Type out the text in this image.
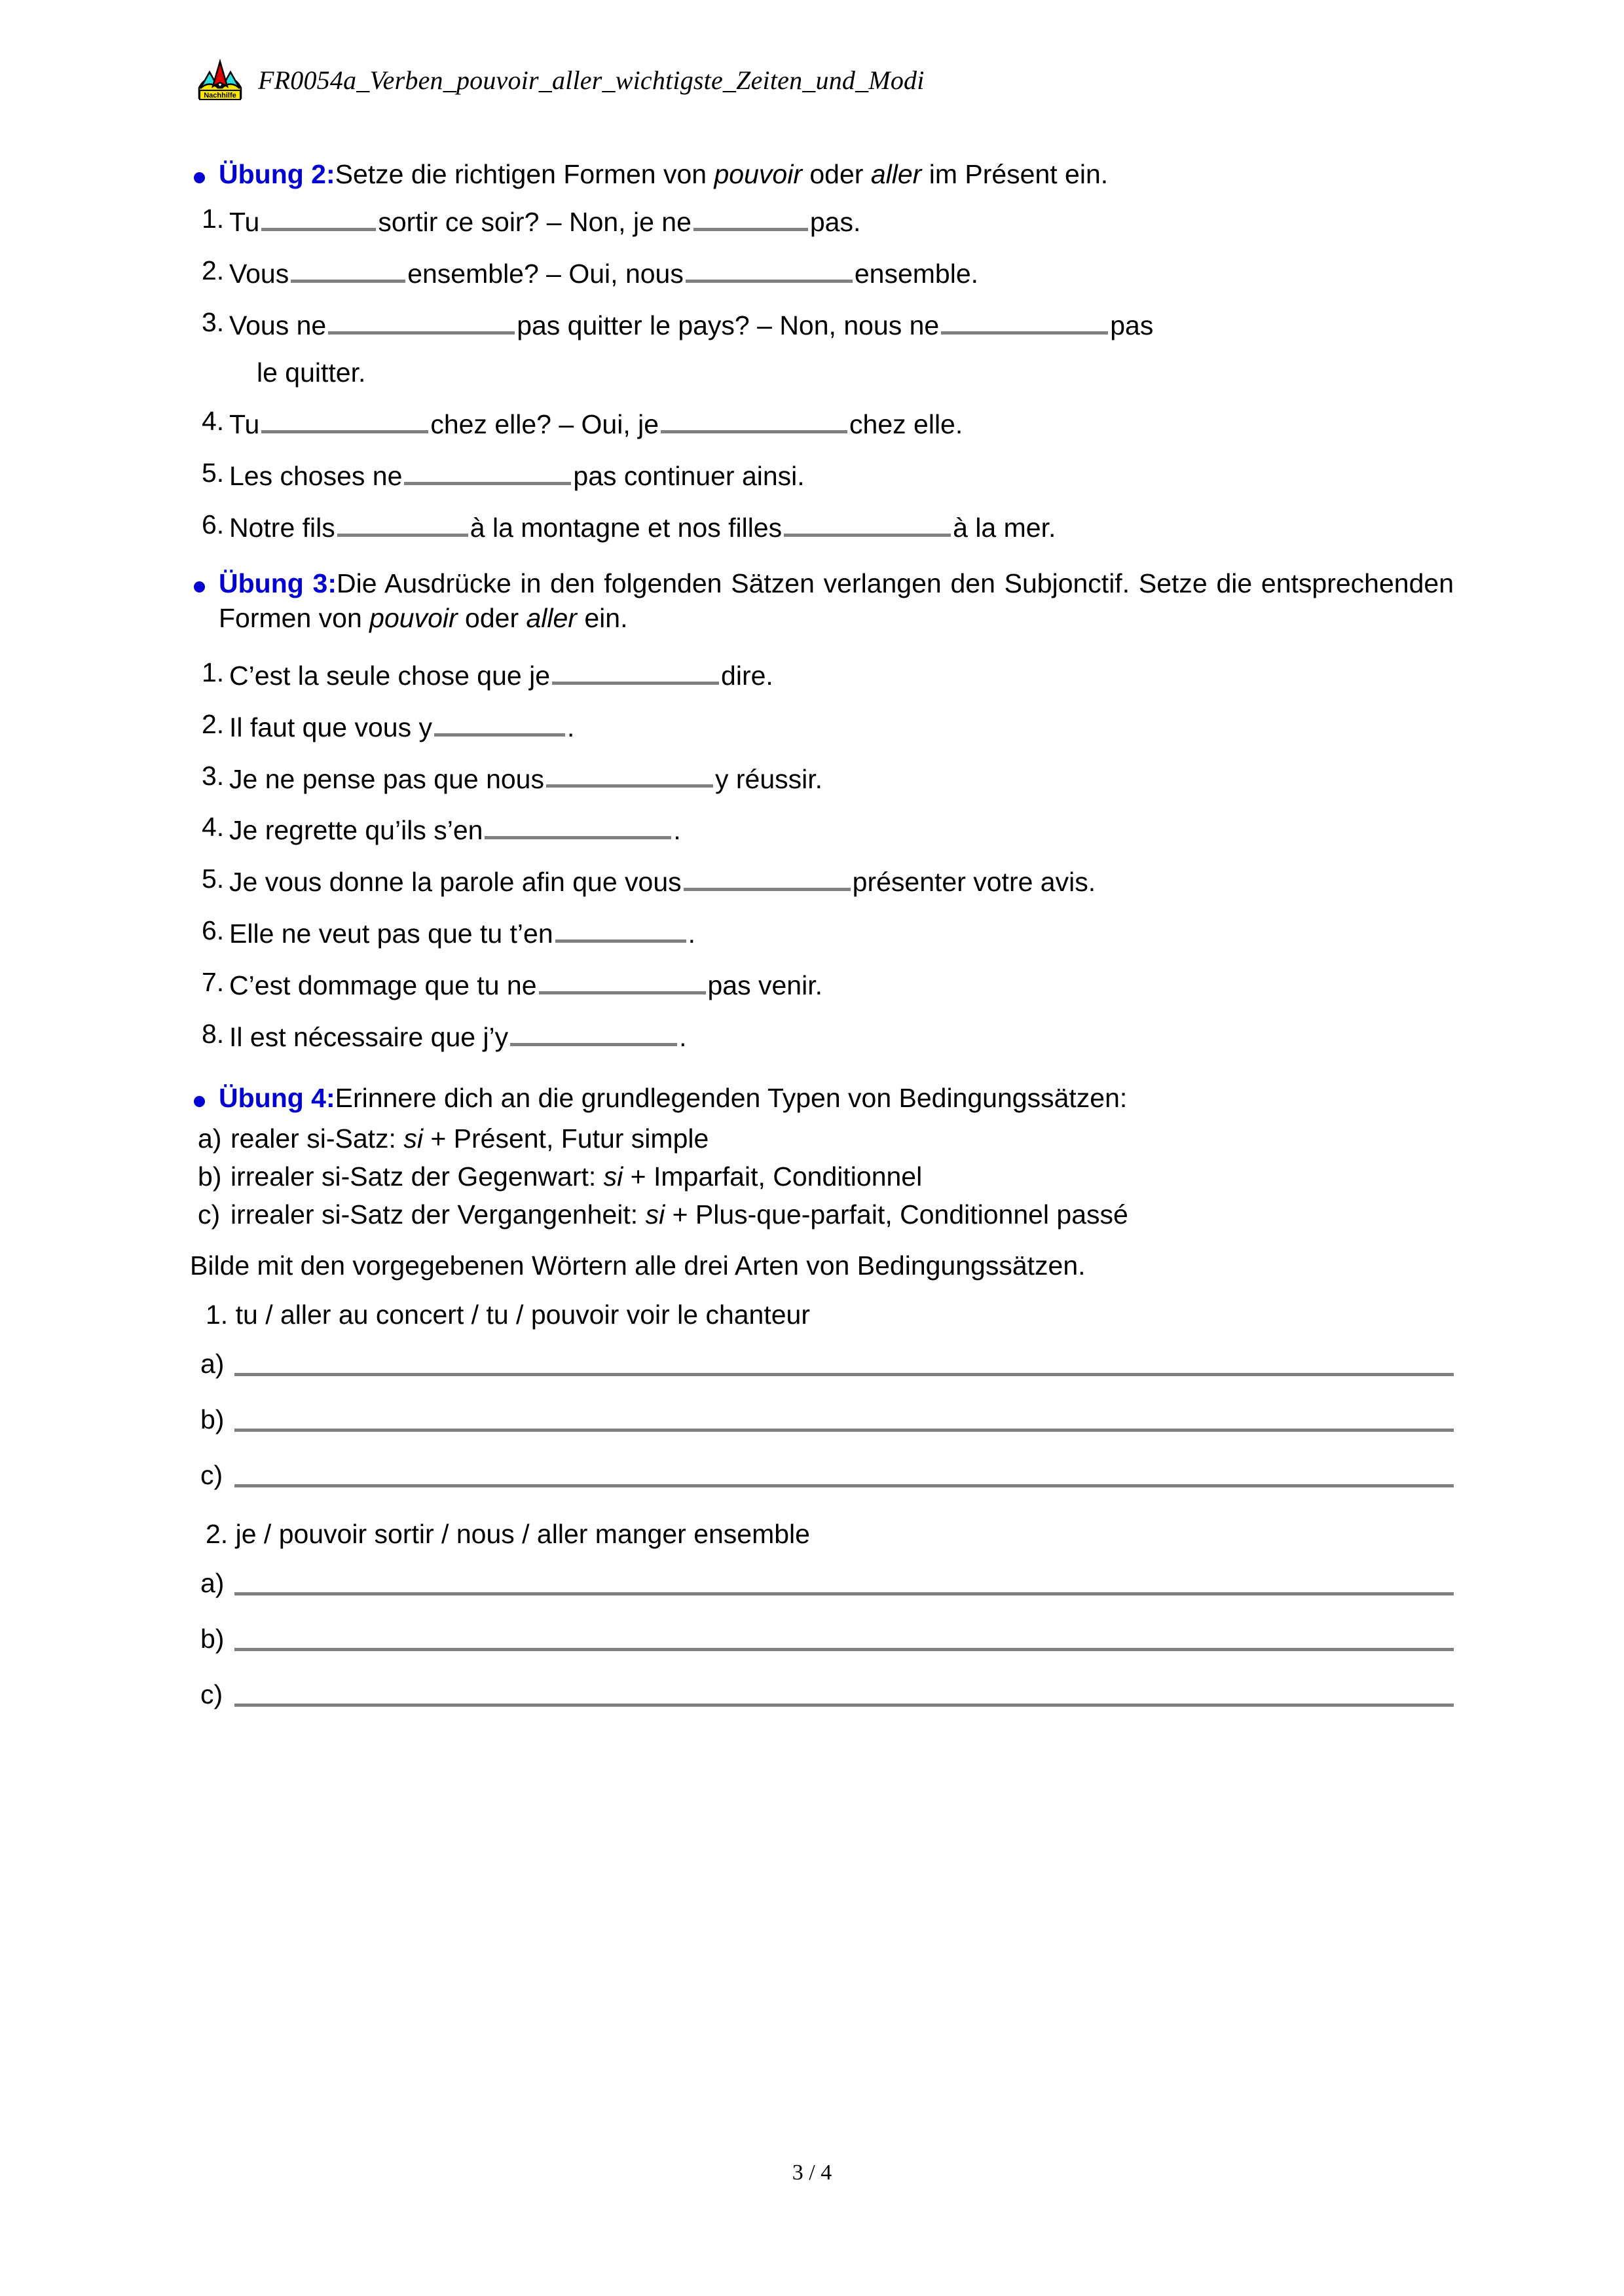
Nachhilfe
FR0054a_Verben_pouvoir_aller_wichtigste_Zeiten_und_Modi

Übung 2:Setze die richtigen Formen von pouvoir oder aller im Présent ein.

1. Tu	sortir ce soir? – Non, je ne	pas.
2. Vous	ensemble? – Oui, nous	ensemble.
3. Vous ne	pas quitter le pays? – Non, nous ne	pas
le quitter.
4. Tu	chez elle? – Oui, je	chez elle.
5. Les choses ne	pas continuer ainsi.
6. Notre fils	à la montagne et nos filles	à la mer.

Übung 3:Die Ausdrücke in den folgenden Sätzen verlangen den Subjonctif. Setze die entsprechenden Formen von pouvoir oder aller ein.

1. C’est la seule chose que je	dire.
2. Il faut que vous y	.
3. Je ne pense pas que nous	y réussir.
4. Je regrette qu’ils s’en	.
5. Je vous donne la parole afin que vous	présenter votre avis.
6. Elle ne veut pas que tu t’en	.
7. C’est dommage que tu ne	pas venir.
8. Il est nécessaire que j’y	.

Übung 4:Erinnere dich an die grundlegenden Typen von Bedingungssätzen:

a) realer si-Satz: si + Présent, Futur simple
b) irrealer si-Satz der Gegenwart: si + Imparfait, Conditionnel
c) irrealer si-Satz der Vergangenheit: si + Plus-que-parfait, Conditionnel passé

Bilde mit den vorgegebenen Wörtern alle drei Arten von Bedingungssätzen.

1. tu / aller au concert / tu / pouvoir voir le chanteur

a)
b)
c)

2. je / pouvoir sortir / nous / aller manger ensemble

a)
b)
c)
3 / 4
